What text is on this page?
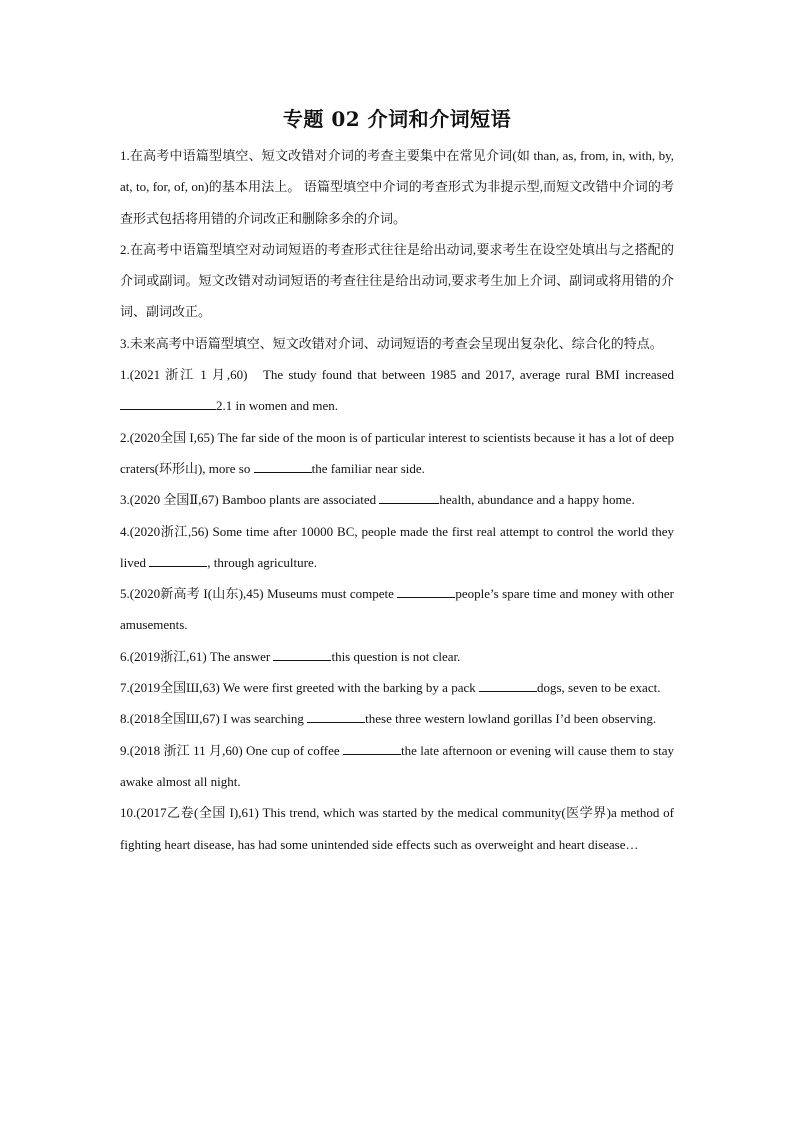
专题 02 介词和介词短语

1.在高考中语篇型填空、短文改错对介词的考查主要集中在常见介词(如 than, as, from, in, with, by, at, to, for, of, on)的基本用法上。 语篇型填空中介词的考查形式为非提示型,而短文改错中介词的考查形式包括将用错的介词改正和删除多余的介词。

2.在高考中语篇型填空对动词短语的考查形式往往是给出动词,要求考生在设空处填出与之搭配的介词或副词。短文改错对动词短语的考查往往是给出动词,要求考生加上介词、副词或将用错的介词、副词改正。

3.未来高考中语篇型填空、短文改错对介词、动词短语的考查会呈现出复杂化、综合化的特点。

1.(2021 浙江 1 月,60) The study found that between 1985 and 2017, average rural BMI increased 2.1 in women and men.

2.(2020全国 I,65) The far side of the moon is of particular interest to scientists because it has a lot of deep craters(环形山), more so	the familiar near side.

3.(2020 全国Ⅱ,67) Bamboo plants are associated	health, abundance and a happy home.

4.(2020浙江,56) Some time after 10000 BC, people made the first real attempt to control the world they lived	, through agriculture.

5.(2020新高考 I(山东),45) Museums must compete	people’s spare time and money with other amusements.

6.(2019浙江,61) The answer	this question is not clear.

7.(2019全国Ш,63) We were first greeted with the barking by a pack	dogs, seven to be exact.

8.(2018全国Ш,67) I was searching	these three western lowland gorillas I’d been observing.

9.(2018 浙江 11 月,60) One cup of coffee	the late afternoon or evening will cause them to stay awake almost all night.

10.(2017乙卷(全国 I),61) This trend, which was started by the medical community(医学界)a method of fighting heart disease, has had some unintended side effects such as overweight and heart disease…
